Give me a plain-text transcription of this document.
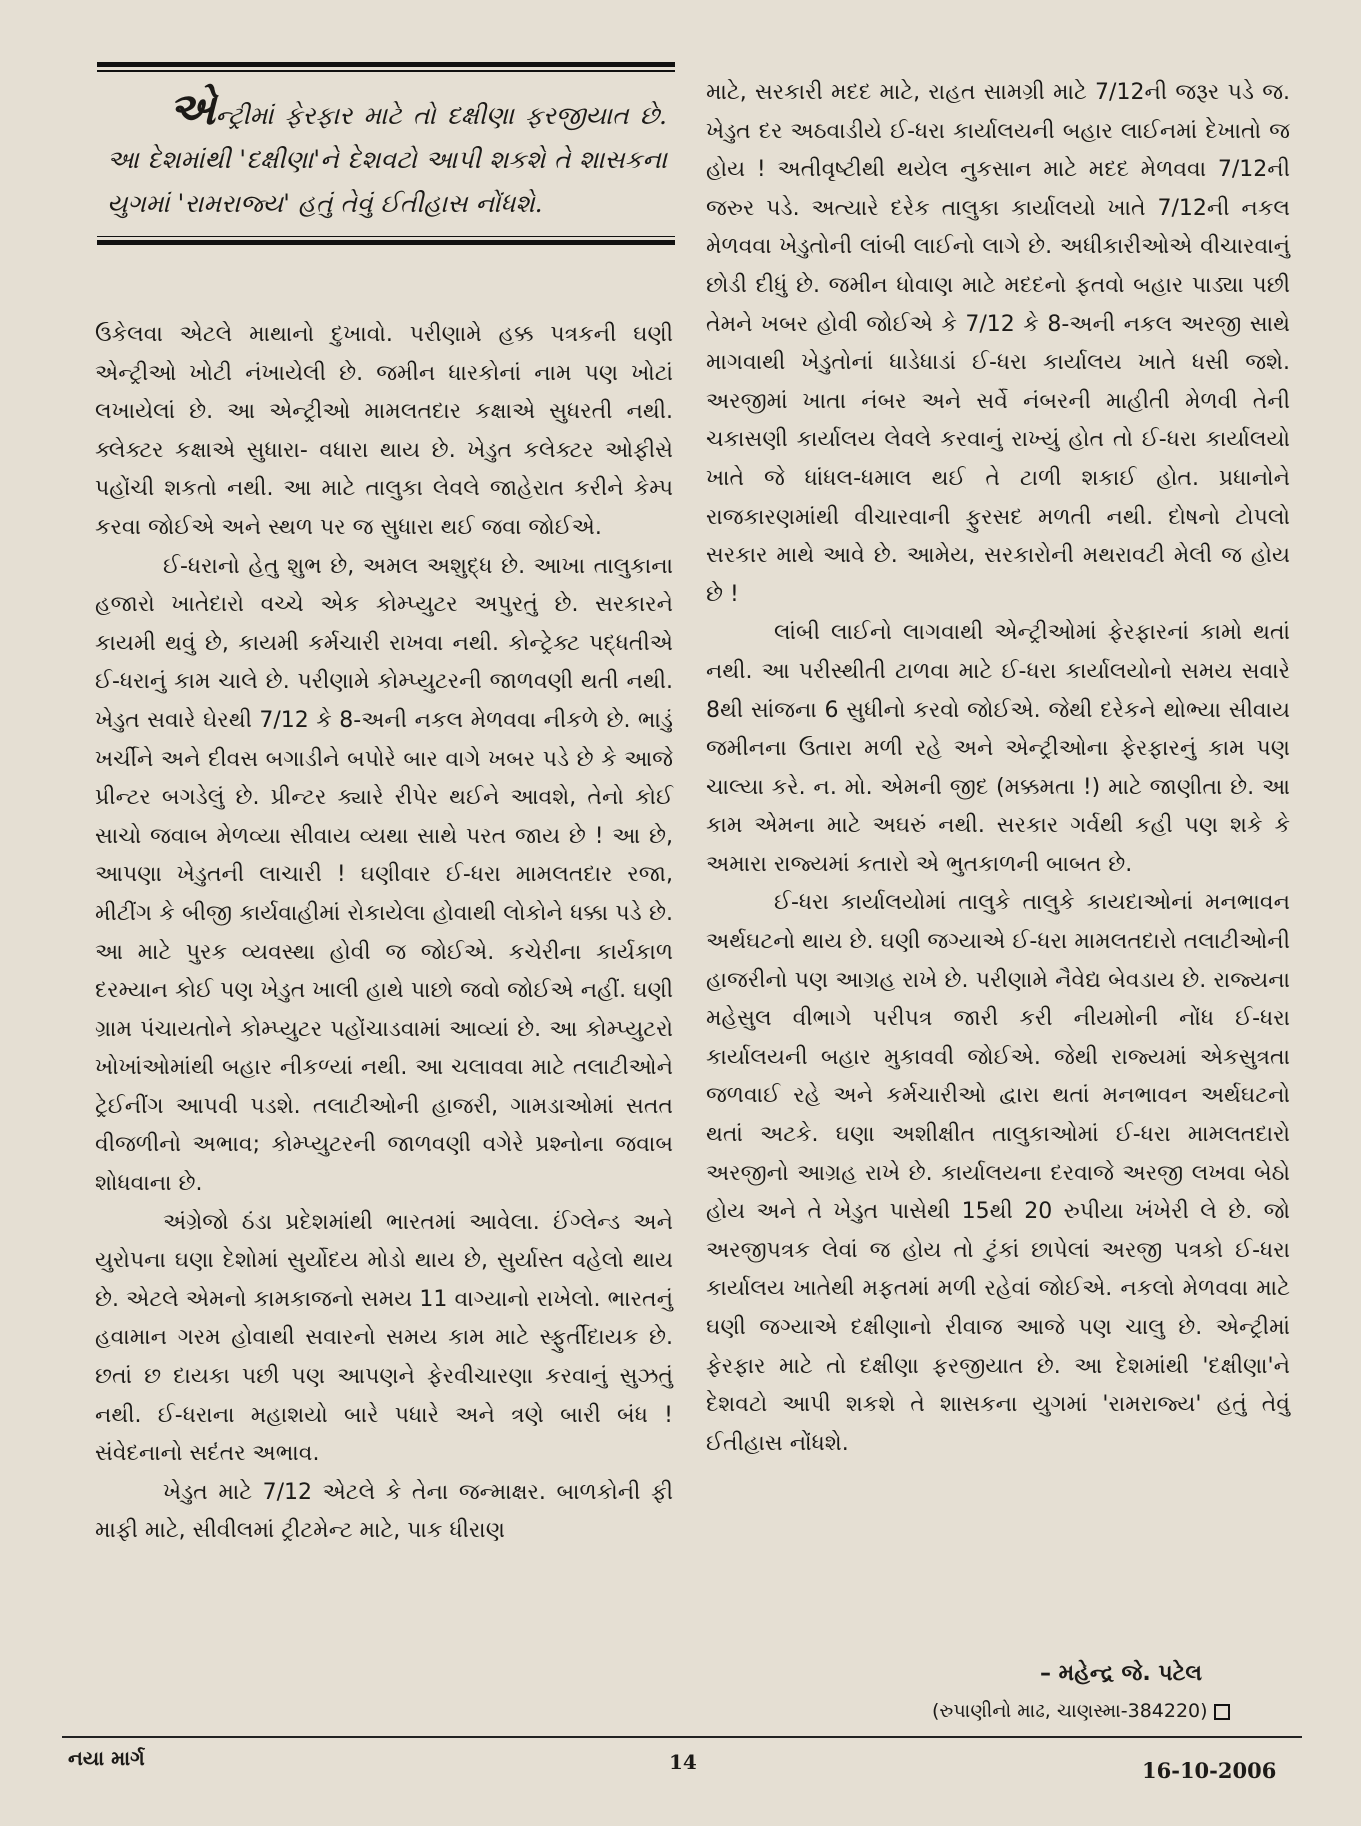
એન્ટ્રીમાં ફેરફાર માટે તો દક્ષીણા ફરજીયાત છે. આ દેશમાંથી 'દક્ષીણા'ને દેશવટો આપી શકશે તે શાસકના યુગમાં 'રામરાજ્ય' હતું તેવું ઈતીહાસ નોંધશે.

ઉકેલવા એટલે માથાનો દુખાવો. પરીણામે હક્ક પત્રકની ઘણી એન્ટ્રીઓ ખોટી નંખાયેલી છે. જમીન ધારકોનાં નામ પણ ખોટાં લખાયેલાં છે. આ એન્ટ્રીઓ મામલતદાર કક્ષાએ સુધરતી નથી. ક્લેક્ટર કક્ષાએ સુધારા- વધારા થાય છે. ખેડુત કલેક્ટર ઓફીસે પહોંચી શકતો નથી. આ માટે તાલુકા લેવલે જાહેરાત કરીને કેમ્પ કરવા જોઈએ અને સ્થળ પર જ સુધારા થઈ જવા જોઈએ.

ઈ-ધરાનો હેતુ શુભ છે, અમલ અશુદ્ધ છે. આખા તાલુકાના હજારો ખાતેદારો વચ્ચે એક કોમ્પ્યુટર અપુરતું છે. સરકારને કાયમી થવું છે, કાયમી કર્મચારી રાખવા નથી. કોન્ટ્રેક્ટ પદ્ધતીએ ઈ-ધરાનું કામ ચાલે છે. પરીણામે કોમ્પ્યુટરની જાળવણી થતી નથી. ખેડુત સવારે ઘેરથી 7/12 કે 8-અની નકલ મેળવવા નીકળે છે. ભાડું ખર્ચીને અને દીવસ બગાડીને બપોરે બાર વાગે ખબર પડે છે કે આજે પ્રીન્ટર બગડેલું છે. પ્રીન્ટર ક્યારે રીપેર થઈને આવશે, તેનો કોઈ સાચો જવાબ મેળવ્યા સીવાય વ્યથા સાથે પરત જાય છે ! આ છે, આપણા ખેડુતની લાચારી ! ઘણીવાર ઈ-ધરા મામલતદાર રજા, મીટીંગ કે બીજી કાર્યવાહીમાં રોકાયેલા હોવાથી લોકોને ધક્કા પડે છે. આ માટે પુરક વ્યવસ્થા હોવી જ જોઈએ. કચેરીના કાર્યકાળ દરમ્યાન કોઈ પણ ખેડુત ખાલી હાથે પાછો જવો જોઈએ નહીં. ઘણી ગ્રામ પંચાયતોને કોમ્પ્યુટર પહોંચાડવામાં આવ્યાં છે. આ કોમ્પ્યુટરો ખોખાંઓમાંથી બહાર નીકળ્યાં નથી. આ ચલાવવા માટે તલાટીઓને ટ્રેઈનીંગ આપવી પડશે. તલાટીઓની હાજરી, ગામડાઓમાં સતત વીજળીનો અભાવ; કોમ્પ્યુટરની જાળવણી વગેરે પ્રશ્નોના જવાબ શોધવાના છે.

અંગ્રેજો ઠંડા પ્રદેશમાંથી ભારતમાં આવેલા. ઈંગ્લેન્ડ અને યુરોપના ઘણા દેશોમાં સુર્યોદય મોડો થાય છે, સુર્યાસ્ત વહેલો થાય છે. એટલે એમનો કામકાજનો સમય 11 વાગ્યાનો રાખેલો. ભારતનું હવામાન ગરમ હોવાથી સવારનો સમય કામ માટે સ્ફુર્તીદાયક છે. છતાં છ દાયકા પછી પણ આપણને ફેરવીચારણા કરવાનું સુઝતું નથી. ઈ-ધરાના મહાશયો બારે પધારે અને ત્રણે બારી બંધ ! સંવેદનાનો સદંતર અભાવ.

ખેડુત માટે 7/12 એટલે કે તેના જન્માક્ષર. બાળકોની ફી માફી માટે, સીવીલમાં ટ્રીટમેન્ટ માટે, પાક ધીરાણ

માટે, સરકારી મદદ માટે, રાહત સામગ્રી માટે 7/12ની જરૂર પડે જ. ખેડુત દર અઠવાડીયે ઈ-ધરા કાર્યાલયની બહાર લાઈનમાં દેખાતો જ હોય ! અતીવૃષ્ટીથી થયેલ નુકસાન માટે મદદ મેળવવા 7/12ની જરુર પડે. અત્યારે દરેક તાલુકા કાર્યાલયો ખાતે 7/12ની નકલ મેળવવા ખેડુતોની લાંબી લાઈનો લાગે છે. અધીકારીઓએ વીચારવાનું છોડી દીધું છે. જમીન ધોવાણ માટે મદદનો ફતવો બહાર પાડ્યા પછી તેમને ખબર હોવી જોઈએ કે 7/12 કે 8-અની નકલ અરજી સાથે માગવાથી ખેડુતોનાં ધાડેધાડાં ઈ-ધરા કાર્યાલય ખાતે ધસી જશે. અરજીમાં ખાતા નંબર અને સર્વે નંબરની માહીતી મેળવી તેની ચકાસણી કાર્યાલય લેવલે કરવાનું રાખ્યું હોત તો ઈ-ધરા કાર્યાલયો ખાતે જે ધાંધલ-ધમાલ થઈ તે ટાળી શકાઈ હોત. પ્રધાનોને રાજકારણમાંથી વીચારવાની ફુરસદ મળતી નથી. દોષનો ટોપલો સરકાર માથે આવે છે. આમેય, સરકારોની મથરાવટી મેલી જ હોય છે !

લાંબી લાઈનો લાગવાથી એન્ટ્રીઓમાં ફેરફારનાં કામો થતાં નથી. આ પરીસ્થીતી ટાળવા માટે ઈ-ધરા કાર્યાલયોનો સમય સવારે 8થી સાંજના 6 સુધીનો કરવો જોઈએ. જેથી દરેકને થોભ્યા સીવાય જમીનના ઉતારા મળી રહે અને એન્ટ્રીઓના ફેરફારનું કામ પણ ચાલ્યા કરે. ન. મો. એમની જીદ (મક્કમતા !) માટે જાણીતા છે. આ કામ એમના માટે અઘરું નથી. સરકાર ગર્વથી કહી પણ શકે કે અમારા રાજ્યમાં કતારો એ ભુતકાળની બાબત છે.

ઈ-ધરા કાર્યાલયોમાં તાલુકે તાલુકે કાયદાઓનાં મનભાવન અર્થઘટનો થાય છે. ઘણી જગ્યાએ ઈ-ધરા મામલતદારો તલાટીઓની હાજરીનો પણ આગ્રહ રાખે છે. પરીણામે નૈવેદ્ય બેવડાય છે. રાજ્યના મહેસુલ વીભાગે પરીપત્ર જારી કરી નીયમોની નોંધ ઈ-ધરા કાર્યાલયની બહાર મુકાવવી જોઈએ. જેથી રાજ્યમાં એકસુત્રતા જળવાઈ રહે અને કર્મચારીઓ દ્વારા થતાં મનભાવન અર્થઘટનો થતાં અટકે. ઘણા અશીક્ષીત તાલુકાઓમાં ઈ-ધરા મામલતદારો અરજીનો આગ્રહ રાખે છે. કાર્યાલયના દરવાજે અરજી લખવા બેઠો હોય અને તે ખેડુત પાસેથી 15થી 20 રુપીયા ખંખેરી લે છે. જો અરજીપત્રક લેવાં જ હોય તો ટુંકાં છાપેલાં અરજી પત્રકો ઈ-ધરા કાર્યાલય ખાતેથી મફતમાં મળી રહેવાં જોઈએ. નકલો મેળવવા માટે ઘણી જગ્યાએ દક્ષીણાનો રીવાજ આજે પણ ચાલુ છે. એન્ટ્રીમાં ફેરફાર માટે તો દક્ષીણા ફરજીયાત છે. આ દેશમાંથી 'દક્ષીણા'ને દેશવટો આપી શકશે તે શાસકના યુગમાં 'રામરાજ્ય' હતું તેવું ઈતીહાસ નોંધશે.

– મહેન્દ્ર જે. પટેલ
(રુપાણીનો માઢ, ચાણસ્મા-384220)
નયા માર્ગ	14	16-10-2006
